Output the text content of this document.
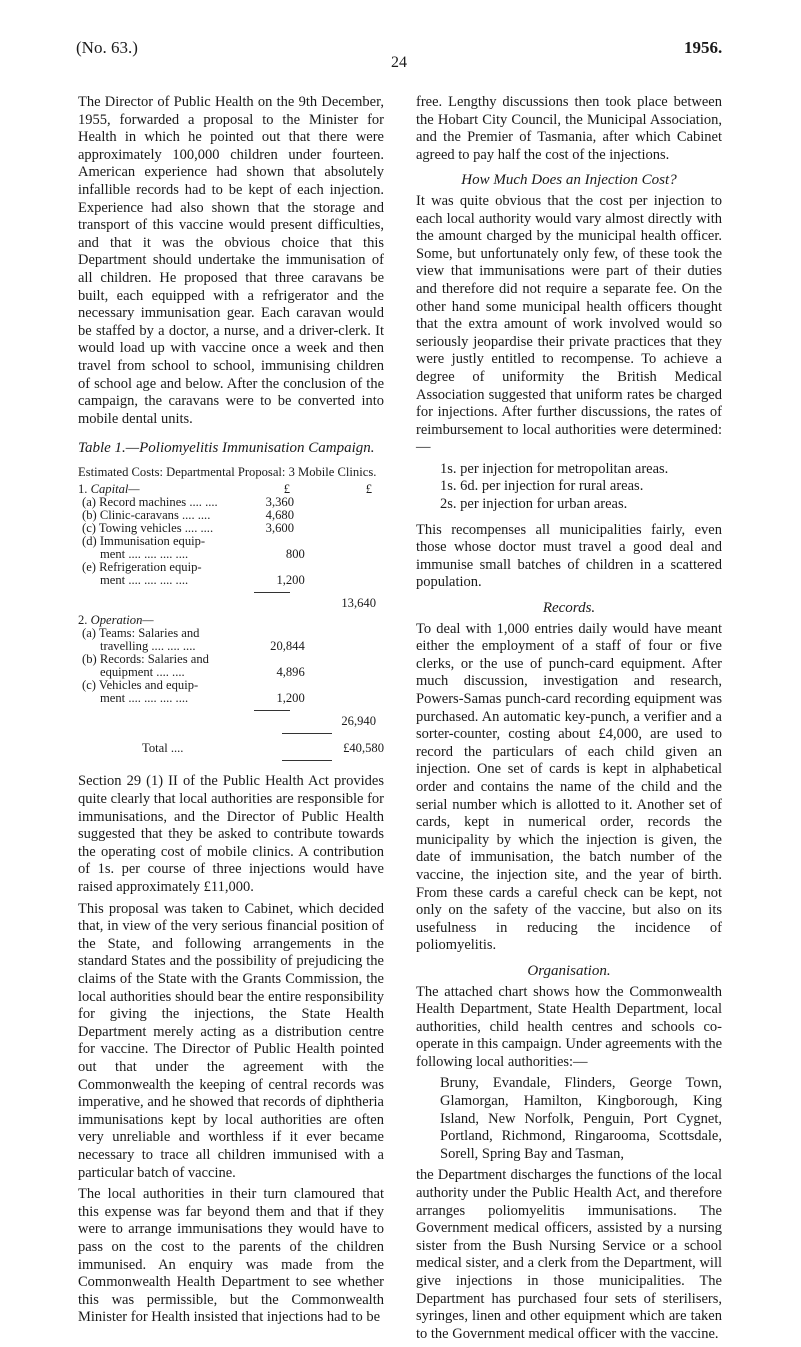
(No. 63.)	1956.
24

The Director of Public Health on the 9th December, 1955, forwarded a proposal to the Minister for Health in which he pointed out that there were approximately 100,000 children under fourteen. American experience had shown that absolutely infallible records had to be kept of each injection. Experience had also shown that the storage and transport of this vaccine would present difficulties, and that it was the obvious choice that this Department should undertake the immunisation of all children. He proposed that three caravans be built, each equipped with a refrigerator and the necessary immunisation gear. Each caravan would be staffed by a doctor, a nurse, and a driver-clerk. It would load up with vaccine once a week and then travel from school to school, immunising children of school age and below. After the conclusion of the campaign, the caravans were to be converted into mobile dental units.

Table 1.—Poliomyelitis Immunisation Campaign.
Estimated Costs: Departmental Proposal: 3 Mobile Clinics.
1. Capital—	£	£
(a) Record machines .... ....	3,360
(b) Clinic-caravans .... ....	4,680
(c) Towing vehicles .... ....	3,600
(d) Immunisation equip-
ment .... .... .... ....	800
(e) Refrigeration equip-
ment .... .... .... ....	1,200
13,640
2. Operation—
(a) Teams: Salaries and
travelling .... .... ....	20,844
(b) Records: Salaries and
equipment .... ....	4,896
(c) Vehicles and equip-
ment .... .... .... ....	1,200
26,940
Total ....	£40,580

Section 29 (1) II of the Public Health Act provides quite clearly that local authorities are responsible for immunisations, and the Director of Public Health suggested that they be asked to contribute towards the operating cost of mobile clinics. A contribution of 1s. per course of three injections would have raised approximately £11,000.

This proposal was taken to Cabinet, which decided that, in view of the very serious financial position of the State, and following arrangements in the standard States and the possibility of prejudicing the claims of the State with the Grants Commission, the local authorities should bear the entire responsibility for giving the injections, the State Health Department merely acting as a distribution centre for vaccine. The Director of Public Health pointed out that under the agreement with the Commonwealth the keeping of central records was imperative, and he showed that records of diphtheria immunisations kept by local authorities are often very unreliable and worthless if it ever became necessary to trace all children immunised with a particular batch of vaccine.

The local authorities in their turn clamoured that this expense was far beyond them and that if they were to arrange immunisations they would have to pass on the cost to the parents of the children immunised. An enquiry was made from the Commonwealth Health Department to see whether this was permissible, but the Commonwealth Minister for Health insisted that injections had to be

free. Lengthy discussions then took place between the Hobart City Council, the Municipal Association, and the Premier of Tasmania, after which Cabinet agreed to pay half the cost of the injections.

How Much Does an Injection Cost?

It was quite obvious that the cost per injection to each local authority would vary almost directly with the amount charged by the municipal health officer. Some, but unfortunately only few, of these took the view that immunisations were part of their duties and therefore did not require a separate fee. On the other hand some municipal health officers thought that the extra amount of work involved would so seriously jeopardise their private practices that they were justly entitled to recompense. To achieve a degree of uniformity the British Medical Association suggested that uniform rates be charged for injections. After further discussions, the rates of reimbursement to local authorities were determined:—

1s. per injection for metropolitan areas.

1s. 6d. per injection for rural areas.

2s. per injection for urban areas.

This recompenses all municipalities fairly, even those whose doctor must travel a good deal and immunise small batches of children in a scattered population.

Records.

To deal with 1,000 entries daily would have meant either the employment of a staff of four or five clerks, or the use of punch-card equipment. After much discussion, investigation and research, Powers-Samas punch-card recording equipment was purchased. An automatic key-punch, a verifier and a sorter-counter, costing about £4,000, are used to record the particulars of each child given an injection. One set of cards is kept in alphabetical order and contains the name of the child and the serial number which is allotted to it. Another set of cards, kept in numerical order, records the municipality by which the injection is given, the date of immunisation, the batch number of the vaccine, the injection site, and the year of birth. From these cards a careful check can be kept, not only on the safety of the vaccine, but also on its usefulness in reducing the incidence of poliomyelitis.

Organisation.

The attached chart shows how the Commonwealth Health Department, State Health Department, local authorities, child health centres and schools co-operate in this campaign. Under agreements with the following local authorities:—

Bruny, Evandale, Flinders, George Town, Glamorgan, Hamilton, Kingborough, King Island, New Norfolk, Penguin, Port Cygnet, Portland, Richmond, Ringarooma, Scottsdale, Sorell, Spring Bay and Tasman,

the Department discharges the functions of the local authority under the Public Health Act, and therefore arranges poliomyelitis immunisations. The Government medical officers, assisted by a nursing sister from the Bush Nursing Service or a school medical sister, and a clerk from the Department, will give injections in those municipalities. The Department has purchased four sets of sterilisers, syringes, linen and other equipment which are taken to the Government medical officer with the vaccine.
